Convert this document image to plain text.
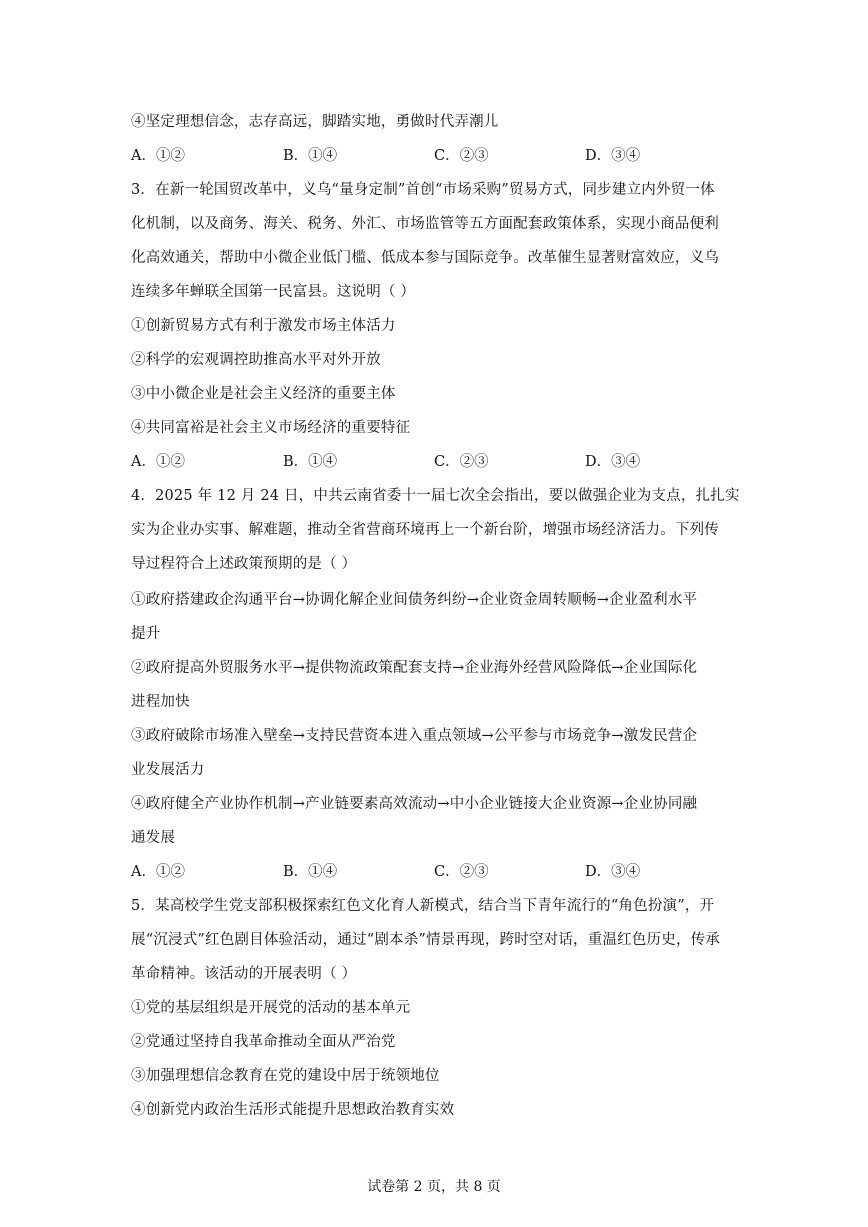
④坚定理想信念，志存高远，脚踏实地，勇做时代弄潮儿
A．①②	B．①④	C．②③	D．③④
3．在新一轮国贸改革中，义乌“量身定制”首创“市场采购”贸易方式，同步建立内外贸一体
化机制，以及商务、海关、税务、外汇、市场监管等五方面配套政策体系，实现小商品便利
化高效通关，帮助中小微企业低门槛、低成本参与国际竞争。改革催生显著财富效应，义乌
连续多年蝉联全国第一民富县。这说明（ ）
①创新贸易方式有利于激发市场主体活力
②科学的宏观调控助推高水平对外开放
③中小微企业是社会主义经济的重要主体
④共同富裕是社会主义市场经济的重要特征
A．①②	B．①④	C．②③	D．③④
4．2025 年 12 月 24 日，中共云南省委十一届七次全会指出，要以做强企业为支点，扎扎实
实为企业办实事、解难题，推动全省营商环境再上一个新台阶，增强市场经济活力。下列传
导过程符合上述政策预期的是（ ）
①政府搭建政企沟通平台→协调化解企业间债务纠纷→企业资金周转顺畅→企业盈利水平
提升
②政府提高外贸服务水平→提供物流政策配套支持→企业海外经营风险降低→企业国际化
进程加快
③政府破除市场准入壁垒→支持民营资本进入重点领域→公平参与市场竞争→激发民营企
业发展活力
④政府健全产业协作机制→产业链要素高效流动→中小企业链接大企业资源→企业协同融
通发展
A．①②	B．①④	C．②③	D．③④
5．某高校学生党支部积极探索红色文化育人新模式，结合当下青年流行的“角色扮演”，开
展“沉浸式”红色剧目体验活动，通过“剧本杀”情景再现，跨时空对话，重温红色历史，传承
革命精神。该活动的开展表明（ ）
①党的基层组织是开展党的活动的基本单元
②党通过坚持自我革命推动全面从严治党
③加强理想信念教育在党的建设中居于统领地位
④创新党内政治生活形式能提升思想政治教育实效
试卷第 2 页，共 8 页
